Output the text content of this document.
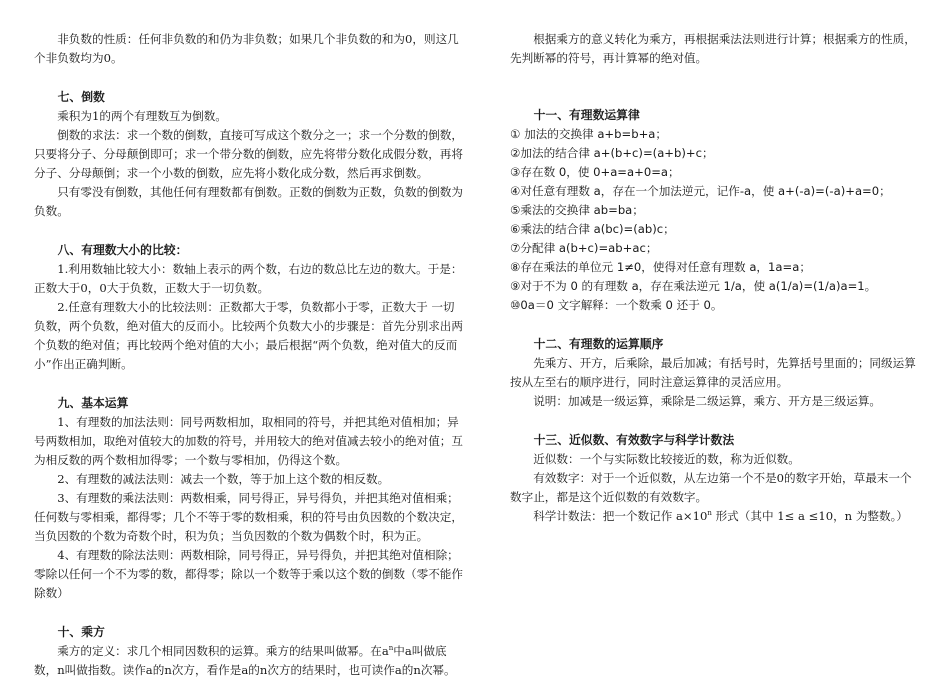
非负数的性质：任何非负数的和仍为非负数；如果几个非负数的和为0，则这几个非负数均为0。

七、倒数

乘积为1的两个有理数互为倒数。

倒数的求法：求一个数的倒数，直接可写成这个数分之一；求一个分数的倒数，只要将分子、分母颠倒即可；求一个带分数的倒数，应先将带分数化成假分数，再将分子、分母颠倒；求一个小数的倒数，应先将小数化成分数，然后再求倒数。

只有零没有倒数，其他任何有理数都有倒数。正数的倒数为正数，负数的倒数为负数。

八、有理数大小的比较：

1.利用数轴比较大小：数轴上表示的两个数，右边的数总比左边的数大。于是：正数大于0，0大于负数，正数大于一切负数。

2.任意有理数大小的比较法则：正数都大于零，负数都小于零，正数大于 一切负数，两个负数，绝对值大的反而小。比较两个负数大小的步骤是：首先分别求出两个负数的绝对值；再比较两个绝对值的大小；最后根据“两个负数，绝对值大的反而小”作出正确判断。

九、基本运算

1、有理数的加法法则：同号两数相加，取相同的符号，并把其绝对值相加；异号两数相加，取绝对值较大的加数的符号，并用较大的绝对值减去较小的绝对值；互为相反数的两个数相加得零；一个数与零相加，仍得这个数。

2、有理数的减法法则：减去一个数，等于加上这个数的相反数。

3、有理数的乘法法则：两数相乘，同号得正，异号得负，并把其绝对值相乘；任何数与零相乘，都得零；几个不等于零的数相乘，积的符号由负因数的个数决定，当负因数的个数为奇数个时，积为负；当负因数的个数为偶数个时，积为正。

4、有理数的除法法则：两数相除，同号得正，异号得负，并把其绝对值相除；零除以任何一个不为零的数，都得零；除以一个数等于乘以这个数的倒数（零不能作除数）

十、乘方

乘方的定义：求几个相同因数积的运算。乘方的结果叫做幂。在$a^n$中a叫做底数，n叫做指数。读作a的n次方，看作是a的n次方的结果时，也可读作a的n次幂。

根据乘方的意义转化为乘方，再根据乘法法则进行计算；根据乘方的性质，先判断幂的符号，再计算幂的绝对值。

十一、有理数运算律

① 加法的交换律 a+b=b+a；

②加法的结合律 a+(b+c)=(a+b)+c；

③存在数 0，使 0+a=a+0=a；

④对任意有理数 a，存在一个加法逆元，记作-a，使 a+(-a)=(-a)+a=0；

⑤乘法的交换律 ab=ba；

⑥乘法的结合律 a(bc)=(ab)c；

⑦分配律 a(b+c)=ab+ac；

⑧存在乘法的单位元 1≠0，使得对任意有理数 a，1a=a；

⑨对于不为 0 的有理数 a，存在乘法逆元 1/a，使 a(1/a)=(1/a)a=1。

⑩0a＝0 文字解释：一个数乘 0 还于 0。

十二、有理数的运算顺序

先乘方、开方，后乘除，最后加减；有括号时，先算括号里面的；同级运算按从左至右的顺序进行，同时注意运算律的灵活应用。

说明：加减是一级运算，乘除是二级运算，乘方、开方是三级运算。

十三、近似数、有效数字与科学计数法

近似数：一个与实际数比较接近的数，称为近似数。

有效数字：对于一个近似数，从左边第一个不是0的数字开始，草最末一个数字止，都是这个近似数的有效数字。

科学计数法：把一个数记作 $a\times 10^n$ 形式（其中 1≤ a ≤10，n 为整数。）
